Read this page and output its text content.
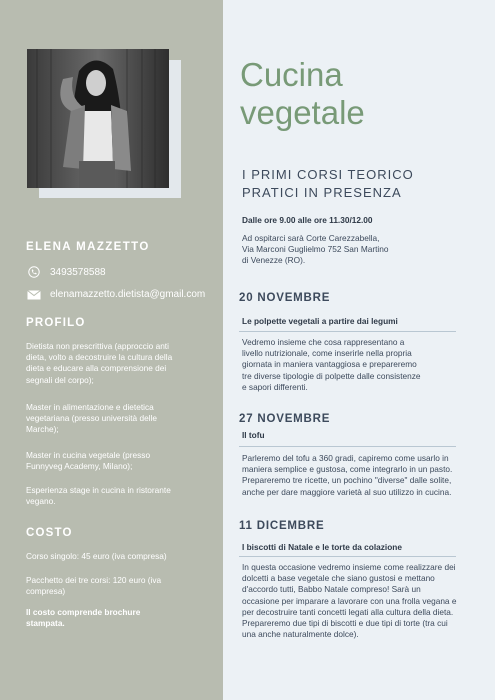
ELENA MAZZETTO
3493578588
elenamazzetto.dietista@gmail.com
PROFILO
Dietista non prescrittiva (approccio anti dieta, volto a decostruire la cultura della dieta e educare alla comprensione dei segnali del corpo);
Master in alimentazione e dietetica vegetariana (presso università delle Marche);
Master in cucina vegetale (presso Funnyveg Academy, Milano);
Esperienza stage in cucina in ristorante vegano.
COSTO
Corso singolo: 45 euro (iva compresa)
Pacchetto dei tre corsi: 120 euro (iva compresa)
Il costo comprende brochure stampata.
Cucina
vegetale
I PRIMI CORSI TEORICO
PRATICI IN PRESENZA
Dalle ore 9.00 alle ore 11.30/12.00
Ad ospitarci sarà Corte Carezzabella, Via Marconi Guglielmo 752 San Martino di Venezze (RO).
20 NOVEMBRE
Le polpette vegetali a partire dai legumi
Vedremo insieme che cosa rappresentano a livello nutrizionale, come inserirle nella propria giornata in maniera vantaggiosa e prepareremo tre diverse tipologie di polpette dalle consistenze e sapori differenti.
27 NOVEMBRE
Il tofu
Parleremo del tofu a 360 gradi, capiremo come usarlo in maniera semplice e gustosa, come integrarlo in un pasto. Prepareremo tre ricette, un pochino "diverse" dalle solite, anche per dare maggiore varietà al suo utilizzo in cucina.
11 DICEMBRE
I biscotti di Natale e le torte da colazione
In questa occasione vedremo insieme come realizzare dei dolcetti a base vegetale che siano gustosi e mettano d'accordo tutti, Babbo Natale compreso! Sarà un occasione per imparare a lavorare con una frolla vegana e per decostruire tanti concetti legati alla cultura della dieta. Prepareremo due tipi di biscotti e due tipi di torte (tra cui una anche naturalmente dolce).
